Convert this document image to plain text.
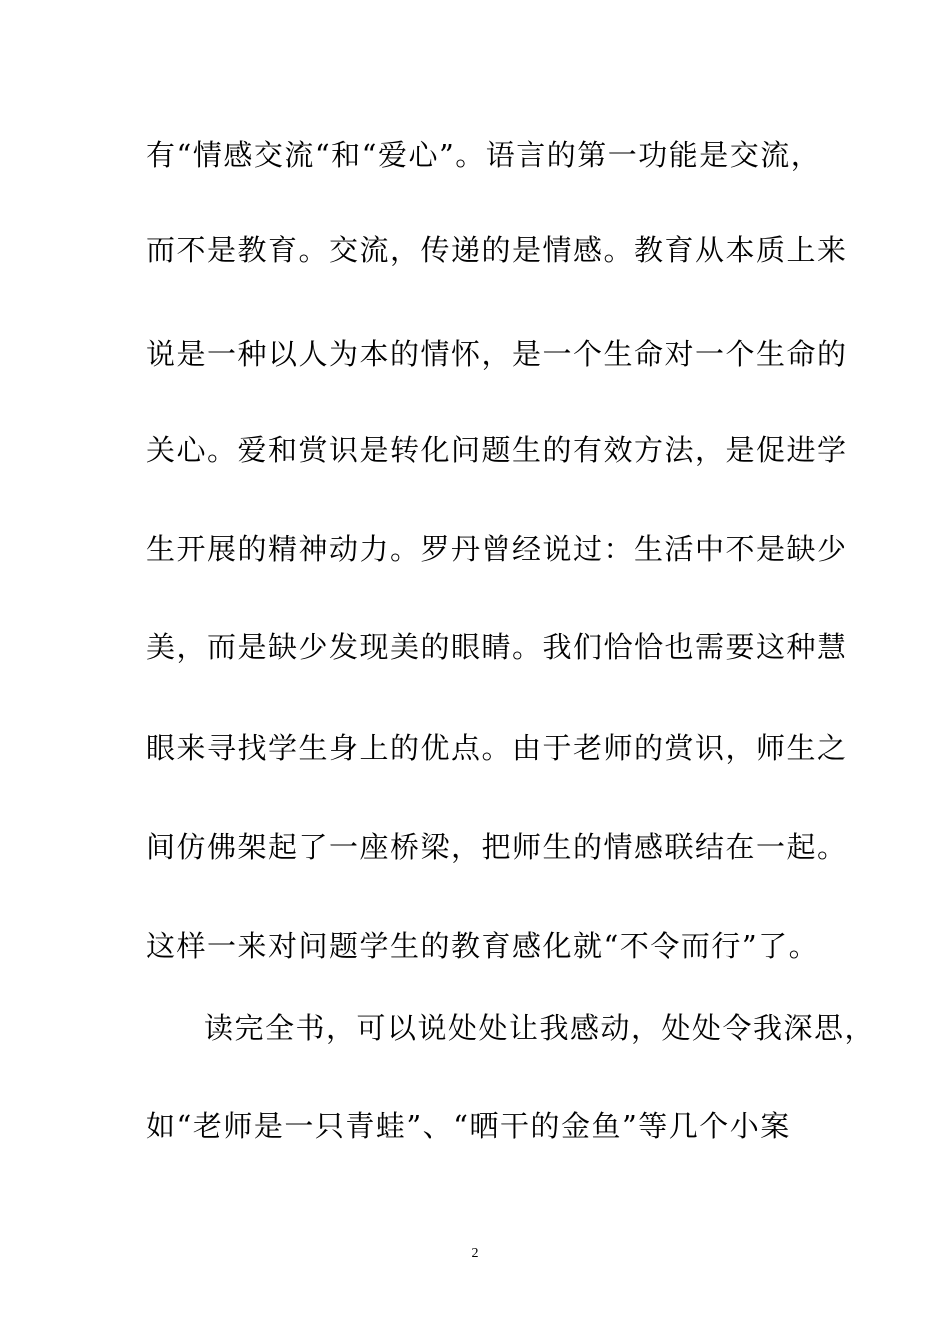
有“情感交流“和“爱心”。语言的第一功能是交流，
而不是教育。交流，传递的是情感。教育从本质上来
说是一种以人为本的情怀，是一个生命对一个生命的
关心。爱和赏识是转化问题生的有效方法，是促进学
生开展的精神动力。罗丹曾经说过：生活中不是缺少
美，而是缺少发现美的眼睛。我们恰恰也需要这种慧
眼来寻找学生身上的优点。由于老师的赏识，师生之
间仿佛架起了一座桥梁，把师生的情感联结在一起。
这样一来对问题学生的教育感化就“不令而行”了。
读完全书，可以说处处让我感动，处处令我深思，
如“老师是一只青蛙”、“晒干的金鱼”等几个小案
2
